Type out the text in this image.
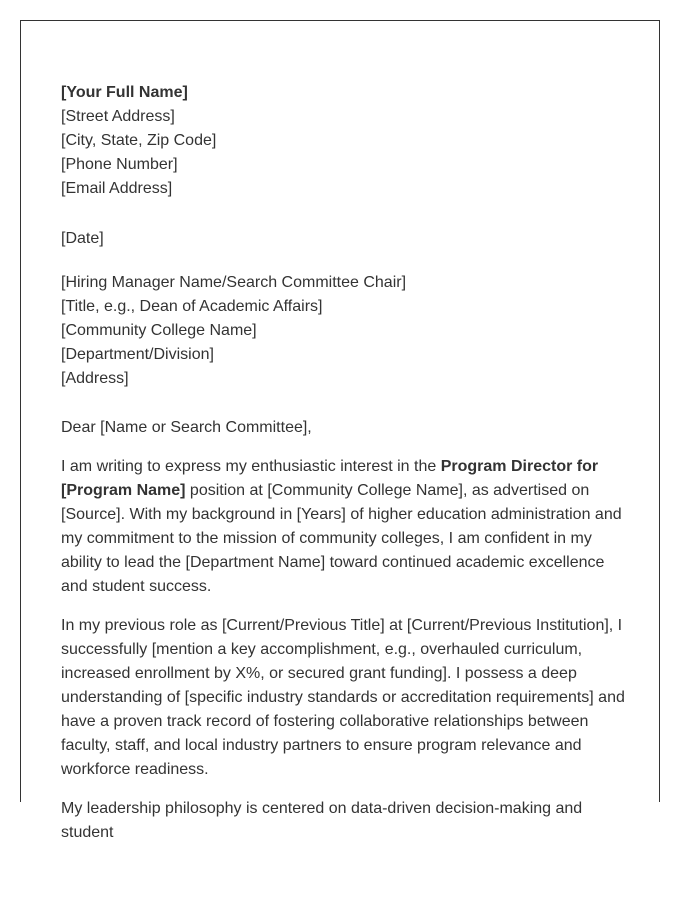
[Your Full Name]
[Street Address]
[City, State, Zip Code]
[Phone Number]
[Email Address]
[Date]
[Hiring Manager Name/Search Committee Chair]
[Title, e.g., Dean of Academic Affairs]
[Community College Name]
[Department/Division]
[Address]
Dear [Name or Search Committee],

I am writing to express my enthusiastic interest in the Program Director for [Program Name] position at [Community College Name], as advertised on [Source]. With my background in [Years] of higher education administration and my commitment to the mission of community colleges, I am confident in my ability to lead the [Department Name] toward continued academic excellence and student success.

In my previous role as [Current/Previous Title] at [Current/Previous Institution], I successfully [mention a key accomplishment, e.g., overhauled curriculum, increased enrollment by X%, or secured grant funding]. I possess a deep understanding of [specific industry standards or accreditation requirements] and have a proven track record of fostering collaborative relationships between faculty, staff, and local industry partners to ensure program relevance and workforce readiness.

My leadership philosophy is centered on data-driven decision-making and student
